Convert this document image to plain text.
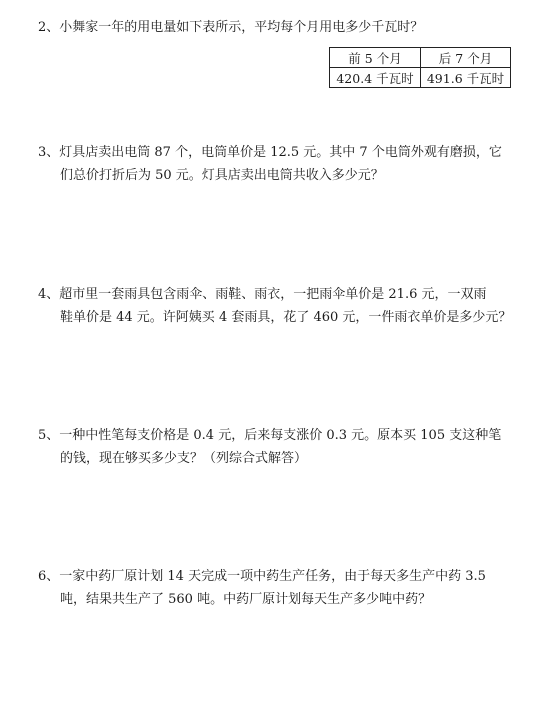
2、小舞家一年的用电量如下表所示，平均每个月用电多少千瓦时？
前 5 个月	后 7 个月
420.4 千瓦时	491.6 千瓦时
3、灯具店卖出电筒 87 个，电筒单价是 12.5 元。其中 7 个电筒外观有磨损，它
们总价打折后为 50 元。灯具店卖出电筒共收入多少元？
4、超市里一套雨具包含雨伞、雨鞋、雨衣，一把雨伞单价是 21.6 元，一双雨
鞋单价是 44 元。许阿姨买 4 套雨具，花了 460 元，一件雨衣单价是多少元？
5、一种中性笔每支价格是 0.4 元，后来每支涨价 0.3 元。原本买 105 支这种笔
的钱，现在够买多少支？（列综合式解答）
6、一家中药厂原计划 14 天完成一项中药生产任务，由于每天多生产中药 3.5
吨，结果共生产了 560 吨。中药厂原计划每天生产多少吨中药？
